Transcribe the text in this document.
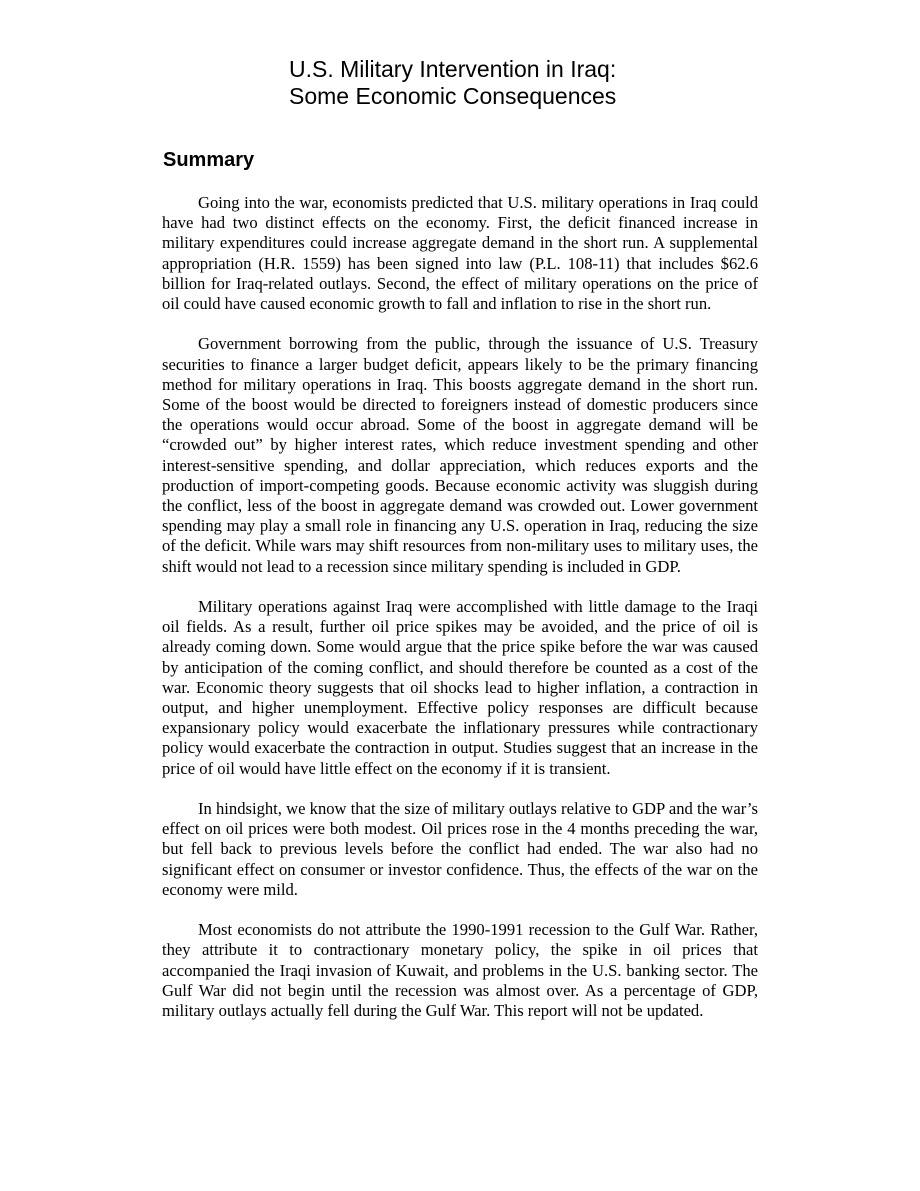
U.S. Military Intervention in Iraq:
Some Economic Consequences
Summary

Going into the war, economists predicted that U.S. military operations in Iraq could have had two distinct effects on the economy. First, the deficit financed increase in military expenditures could increase aggregate demand in the short run. A supplemental appropriation (H.R. 1559) has been signed into law (P.L. 108-11) that includes $62.6 billion for Iraq-related outlays. Second, the effect of military operations on the price of oil could have caused economic growth to fall and inflation to rise in the short run.

Government borrowing from the public, through the issuance of U.S. Treasury securities to finance a larger budget deficit, appears likely to be the primary financing method for military operations in Iraq. This boosts aggregate demand in the short run. Some of the boost would be directed to foreigners instead of domestic producers since the operations would occur abroad. Some of the boost in aggregate demand will be “crowded out” by higher interest rates, which reduce investment spending and other interest-sensitive spending, and dollar appreciation, which reduces exports and the production of import-competing goods. Because economic activity was sluggish during the conflict, less of the boost in aggregate demand was crowded out. Lower government spending may play a small role in financing any U.S. operation in Iraq, reducing the size of the deficit. While wars may shift resources from non-military uses to military uses, the shift would not lead to a recession since military spending is included in GDP.

Military operations against Iraq were accomplished with little damage to the Iraqi oil fields. As a result, further oil price spikes may be avoided, and the price of oil is already coming down. Some would argue that the price spike before the war was caused by anticipation of the coming conflict, and should therefore be counted as a cost of the war. Economic theory suggests that oil shocks lead to higher inflation, a contraction in output, and higher unemployment. Effective policy responses are difficult because expansionary policy would exacerbate the inflationary pressures while contractionary policy would exacerbate the contraction in output. Studies suggest that an increase in the price of oil would have little effect on the economy if it is transient.

In hindsight, we know that the size of military outlays relative to GDP and the war’s effect on oil prices were both modest. Oil prices rose in the 4 months preceding the war, but fell back to previous levels before the conflict had ended. The war also had no significant effect on consumer or investor confidence. Thus, the effects of the war on the economy were mild.

Most economists do not attribute the 1990-1991 recession to the Gulf War. Rather, they attribute it to contractionary monetary policy, the spike in oil prices that accompanied the Iraqi invasion of Kuwait, and problems in the U.S. banking sector. The Gulf War did not begin until the recession was almost over. As a percentage of GDP, military outlays actually fell during the Gulf War. This report will not be updated.
